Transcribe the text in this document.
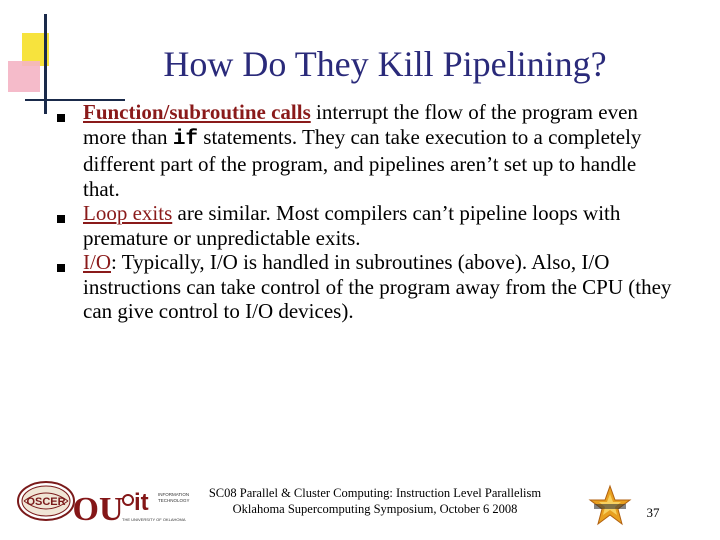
How Do They Kill Pipelining?
Function/subroutine calls interrupt the flow of the program even more than if statements. They can take execution to a completely different part of the program, and pipelines aren’t set up to handle that.
Loop exits are similar. Most compilers can’t pipeline loops with premature or unpredictable exits.
I/O: Typically, I/O is handled in subroutines (above). Also, I/O instructions can take control of the program away from the CPU (they can give control to I/O devices).
OSCER OU it INFORMATION
TECHNOLOGY
THE UNIVERSITY OF OKLAHOMA
SC08 Parallel & Cluster Computing: Instruction Level Parallelism
Oklahoma Supercomputing Symposium, October 6 2008	37
